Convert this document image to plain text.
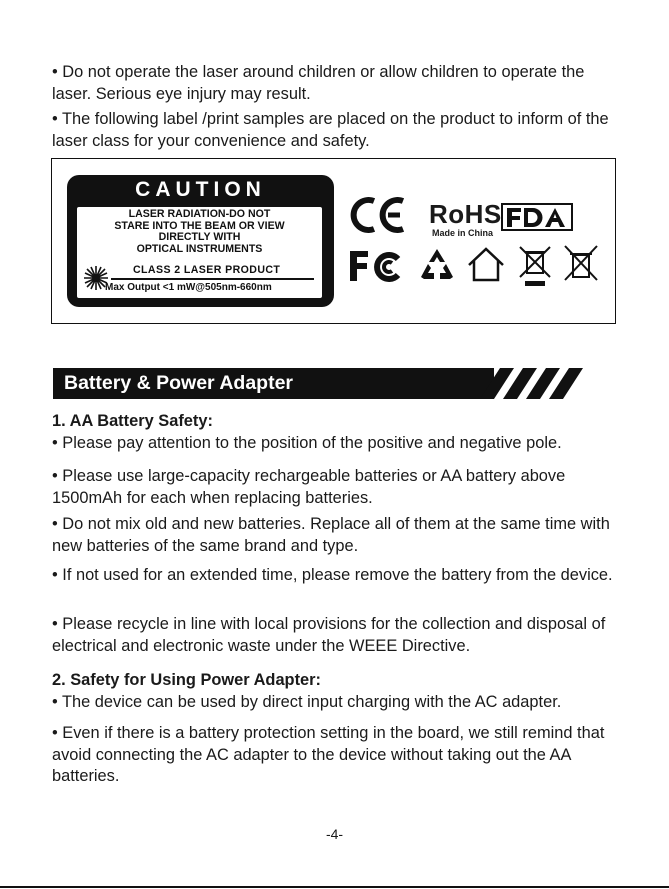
• Do not operate the laser around children or allow children to operate the laser. Serious eye injury may result.

• The following label /print samples are placed on the product to inform of the laser class for your convenience and safety.

CAUTION
LASER RADIATION-DO NOT
STARE INTO THE BEAM OR VIEW
DIRECTLY WITH
OPTICAL INSTRUMENTS
CLASS 2 LASER PRODUCT
Max Output <1 mW@505nm-660nm
RoHS
Made in China
Battery & Power Adapter
1. AA Battery Safety:

• Please pay attention to the position of the positive and negative pole.

• Please use large-capacity rechargeable batteries or AA battery above 1500mAh for each when replacing batteries.

• Do not mix old and new batteries. Replace all of them at the same time with new batteries of the same brand and type.

• If not used for an extended time, please remove the battery from the device.

• Please recycle in line with local provisions for the collection and disposal of electrical and electronic waste under the WEEE Directive.

2. Safety for Using Power Adapter:

• The device can be used by direct input charging with the AC adapter.

• Even if there is a battery protection setting in the board, we still remind that avoid connecting the AC adapter to the device without taking out the AA batteries.

-4-
